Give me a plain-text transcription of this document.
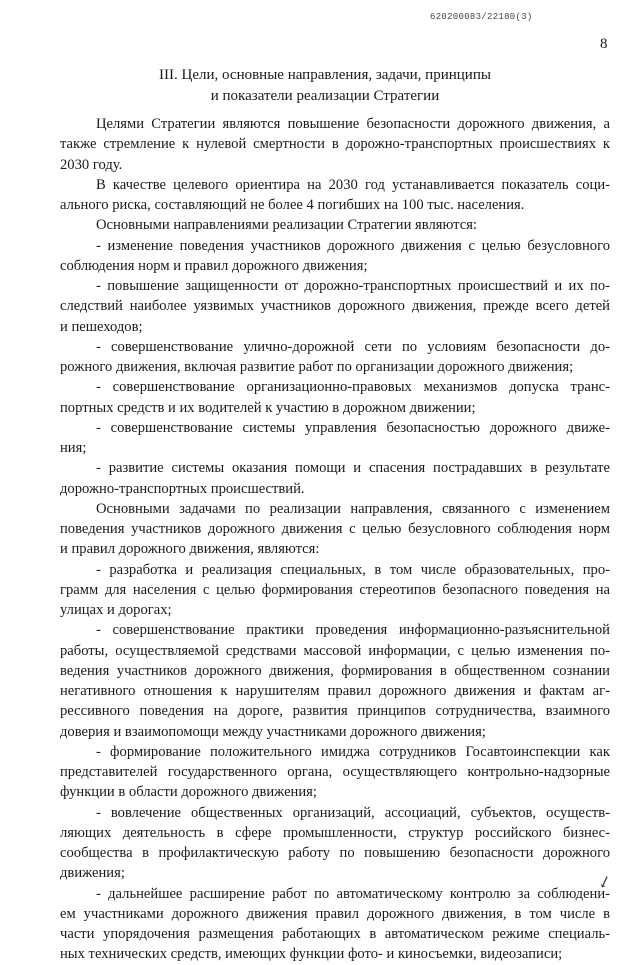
620200083/22180(3)
8
III. Цели, основные направления, задачи, принципы
и показатели реализации Стратегии
Целями Стратегии являются повышение безопасности дорожного движения, а
также стремление к нулевой смертности в дорожно-транспортных происшествиях к
2030 году.
В качестве целевого ориентира на 2030 год устанавливается показатель соци-
ального риска, составляющий не более 4 погибших на 100 тыс. населения.
Основными направлениями реализации Стратегии являются:
- изменение поведения участников дорожного движения с целью безусловного
соблюдения норм и правил дорожного движения;
- повышение защищенности от дорожно-транспортных происшествий и их по-
следствий наиболее уязвимых участников дорожного движения, прежде всего детей
и пешеходов;
- совершенствование улично-дорожной сети по условиям безопасности до-
рожного движения, включая развитие работ по организации дорожного движения;
- совершенствование организационно-правовых механизмов допуска транс-
портных средств и их водителей к участию в дорожном движении;
- совершенствование системы управления безопасностью дорожного движе-
ния;
- развитие системы оказания помощи и спасения пострадавших в результате
дорожно-транспортных происшествий.
Основными задачами по реализации направления, связанного с изменением
поведения участников дорожного движения с целью безусловного соблюдения норм
и правил дорожного движения, являются:
- разработка и реализация специальных, в том числе образовательных, про-
грамм для населения с целью формирования стереотипов безопасного поведения на
улицах и дорогах;
- совершенствование практики проведения информационно-разъяснительной
работы, осуществляемой средствами массовой информации, с целью изменения по-
ведения участников дорожного движения, формирования в общественном сознании
негативного отношения к нарушителям правил дорожного движения и фактам аг-
рессивного поведения на дороге, развития принципов сотрудничества, взаимного
доверия и взаимопомощи между участниками дорожного движения;
- формирование положительного имиджа сотрудников Госавтоинспекции как
представителей государственного органа, осуществляющего контрольно-надзорные
функции в области дорожного движения;
- вовлечение общественных организаций, ассоциаций, субъектов, осуществ-
ляющих деятельность в сфере промышленности, структур российского бизнес-
сообщества в профилактическую работу по повышению безопасности дорожного
движения;
- дальнейшее расширение работ по автоматическому контролю за соблюдени-
ем участниками дорожного движения правил дорожного движения, в том числе в
части упорядочения размещения работающих в автоматическом режиме специаль-
ных технических средств, имеющих функции фото- и киносъемки, видеозаписи;
↙
